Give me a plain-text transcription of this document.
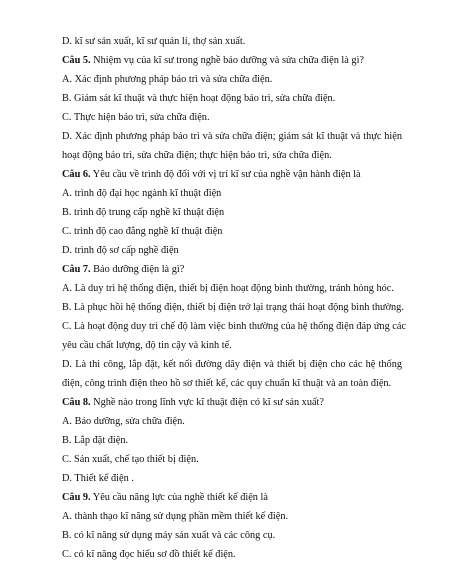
D. kĩ sư sản xuất, kĩ sư quản lí, thợ sản xuất.
Câu 5. Nhiệm vụ của kĩ sư trong nghề bảo dưỡng và sửa chữa điện là gì?
A. Xác định phương pháp bảo trì và sửa chữa điện.
B. Giám sát kĩ thuật và thực hiện hoạt động bảo trì, sửa chữa điện.
C. Thực hiện bảo trì, sửa chữa điện.
D. Xác định phương pháp bảo trì và sửa chữa điện; giám sát kĩ thuật và thực hiện
hoạt động bảo trì, sửa chữa điện; thực hiện bảo trì, sửa chữa điện.
Câu 6. Yêu cầu về trình độ đối với vị trí kĩ sư của nghề vận hành điện là
A. trình độ đại học ngành kĩ thuật điện
B. trình độ trung cấp nghề kĩ thuật điện
C. trình độ cao đẳng nghề kĩ thuật điện
D. trình độ sơ cấp nghề điện
Câu 7. Bảo dưỡng điện là gì?
A. Là duy trì hệ thống điện, thiết bị điện hoạt động bình thường, tránh hỏng hóc.
B. Là phục hồi hệ thống điện, thiết bị điện trở lại trạng thái hoạt động bình thường.
C. Là hoạt động duy trì chế độ làm việc bình thường của hệ thống điện đáp ứng các
yêu cầu chất lượng, độ tin cậy và kinh tế.
D. Là thi công, lắp đặt, kết nối đường dây điện và thiết bị điện cho các hệ thống
điện, công trình điện theo hồ sơ thiết kế, các quy chuẩn kĩ thuật và an toàn điện.
Câu 8. Nghề nào trong lĩnh vực kĩ thuật điện có kĩ sư sản xuất?
A. Bảo dưỡng, sửa chữa điện.
B. Lắp đặt điện.
C. Sản xuất, chế tạo thiết bị điện.
D. Thiết kế điện .
Câu 9. Yêu cầu năng lực của nghề thiết kế điện là
A. thành thạo kĩ năng sử dụng phần mềm thiết kế điện.
B. có kĩ năng sử dụng máy sản xuất và các công cụ.
C. có kĩ năng đọc hiểu sơ đồ thiết kế điện.
